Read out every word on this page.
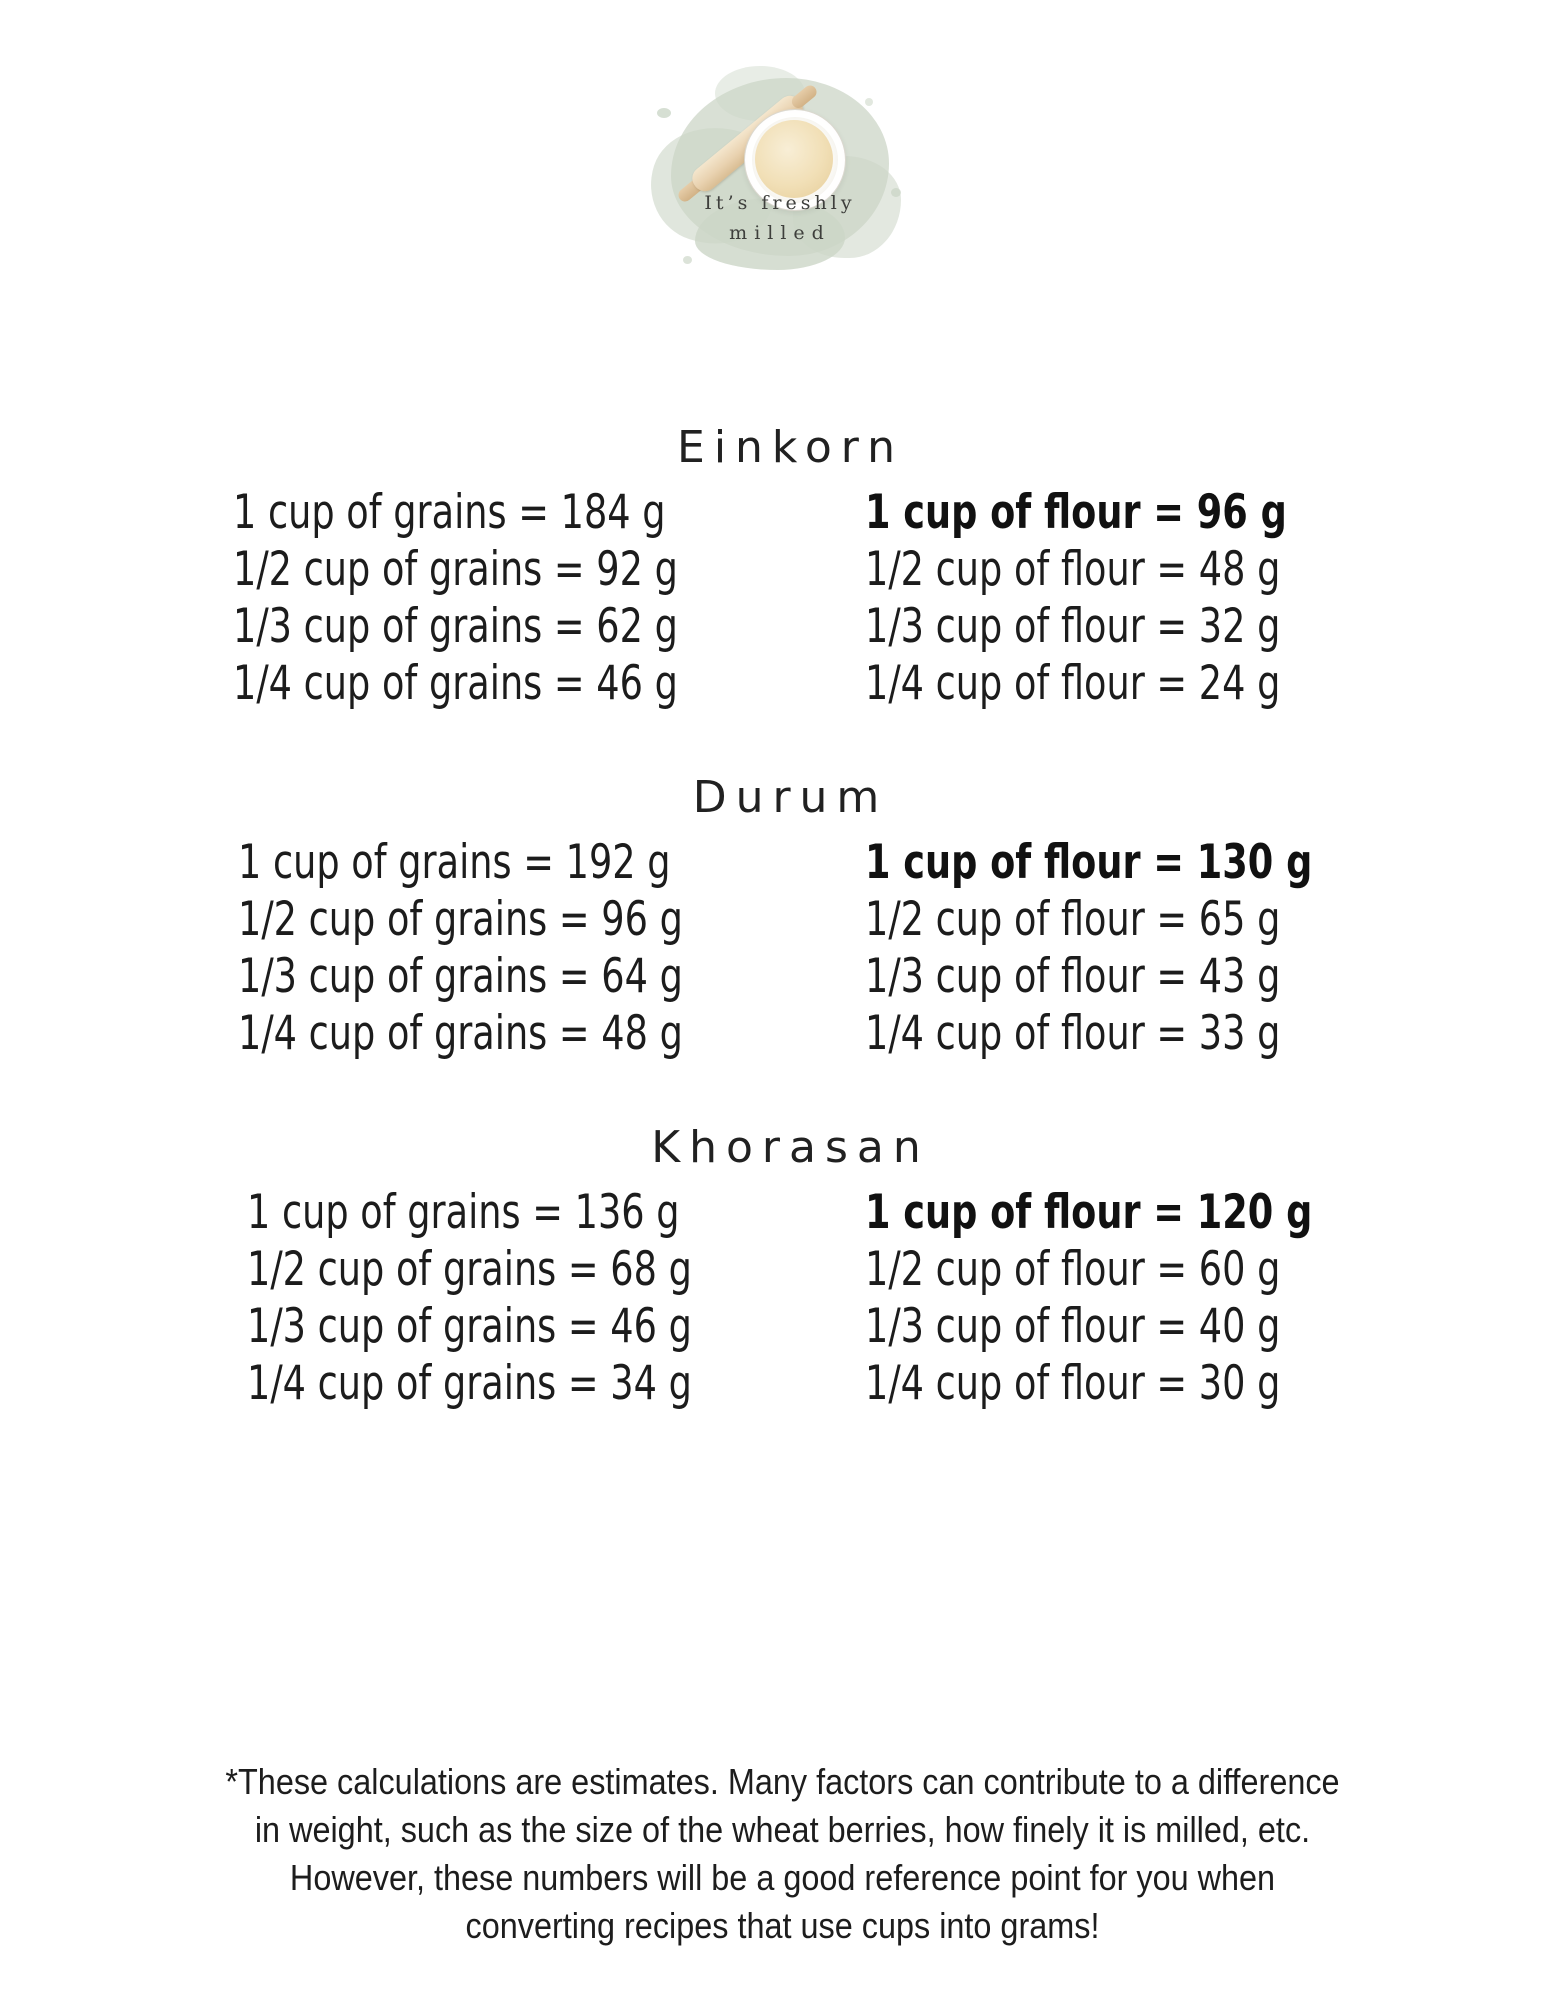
It’s freshly
milled
Einkorn
1 cup of grains = 184 g
1/2 cup of grains = 92 g
1/3 cup of grains = 62 g
1/4 cup of grains = 46 g
1 cup of flour = 96 g
1/2 cup of flour = 48 g
1/3 cup of flour = 32 g
1/4 cup of flour = 24 g
Durum
1 cup of grains = 192 g
1/2 cup of grains = 96 g
1/3 cup of grains = 64 g
1/4 cup of grains = 48 g
1 cup of flour = 130 g
1/2 cup of flour = 65 g
1/3 cup of flour = 43 g
1/4 cup of flour = 33 g
Khorasan
1 cup of grains = 136 g
1/2 cup of grains = 68 g
1/3 cup of grains = 46 g
1/4 cup of grains = 34 g
1 cup of flour = 120 g
1/2 cup of flour = 60 g
1/3 cup of flour = 40 g
1/4 cup of flour = 30 g
*These calculations are estimates. Many factors can contribute to a difference
in weight, such as the size of the wheat berries, how finely it is milled, etc.
However, these numbers will be a good reference point for you when
converting recipes that use cups into grams!
